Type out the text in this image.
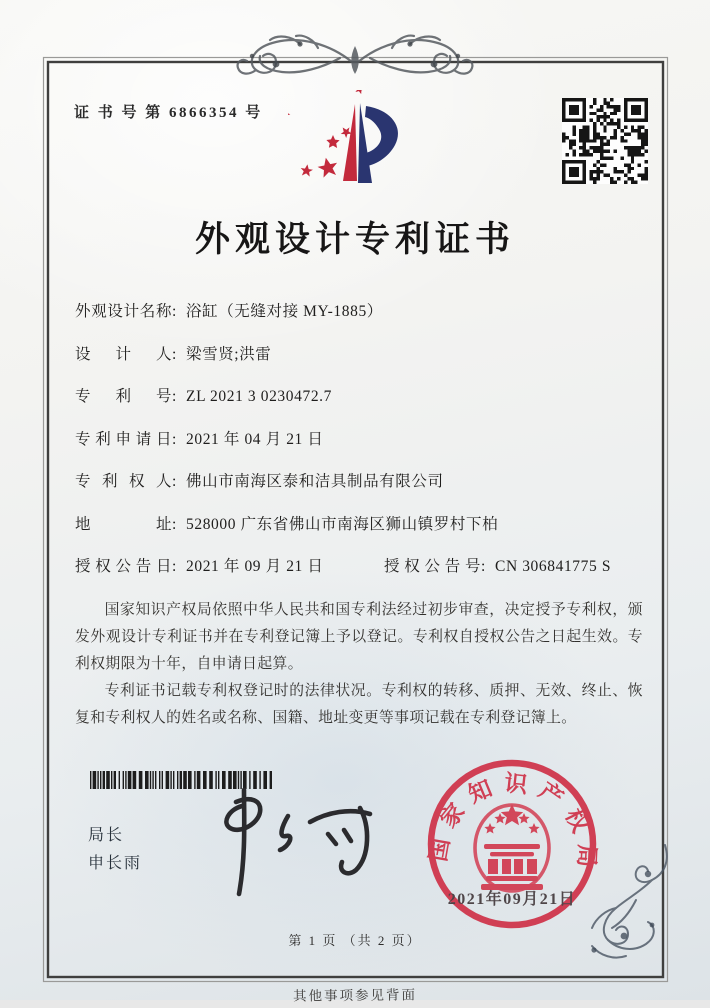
证 书 号 第 6866354 号
外观设计专利证书
外观设计名称 : 浴缸（无缝对接 MY-1885）
设计人 : 梁雪贤;洪雷
专利号 : ZL 2021 3 0230472.7
专利申请日 : 2021 年 04 月 21 日
专利权人 : 佛山市南海区泰和洁具制品有限公司
地址 : 528000 广东省佛山市南海区狮山镇罗村下柏
授权公告日 : 2021 年 09 月 21 日	授权公告号 : CN 306841775 S

国家知识产权局依照中华人民共和国专利法经过初步审查，决定授予专利权，颁发外观设计专利证书并在专利登记簿上予以登记。专利权自授权公告之日起生效。专利权期限为十年，自申请日起算。

专利证书记载专利权登记时的法律状况。专利权的转移、质押、无效、终止、恢复和专利权人的姓名或名称、国籍、地址变更等事项记载在专利登记簿上。

局长
申长雨
国家知识产权局
2021年09月21日
第 1 页 （共 2 页）
其他事项参见背面
